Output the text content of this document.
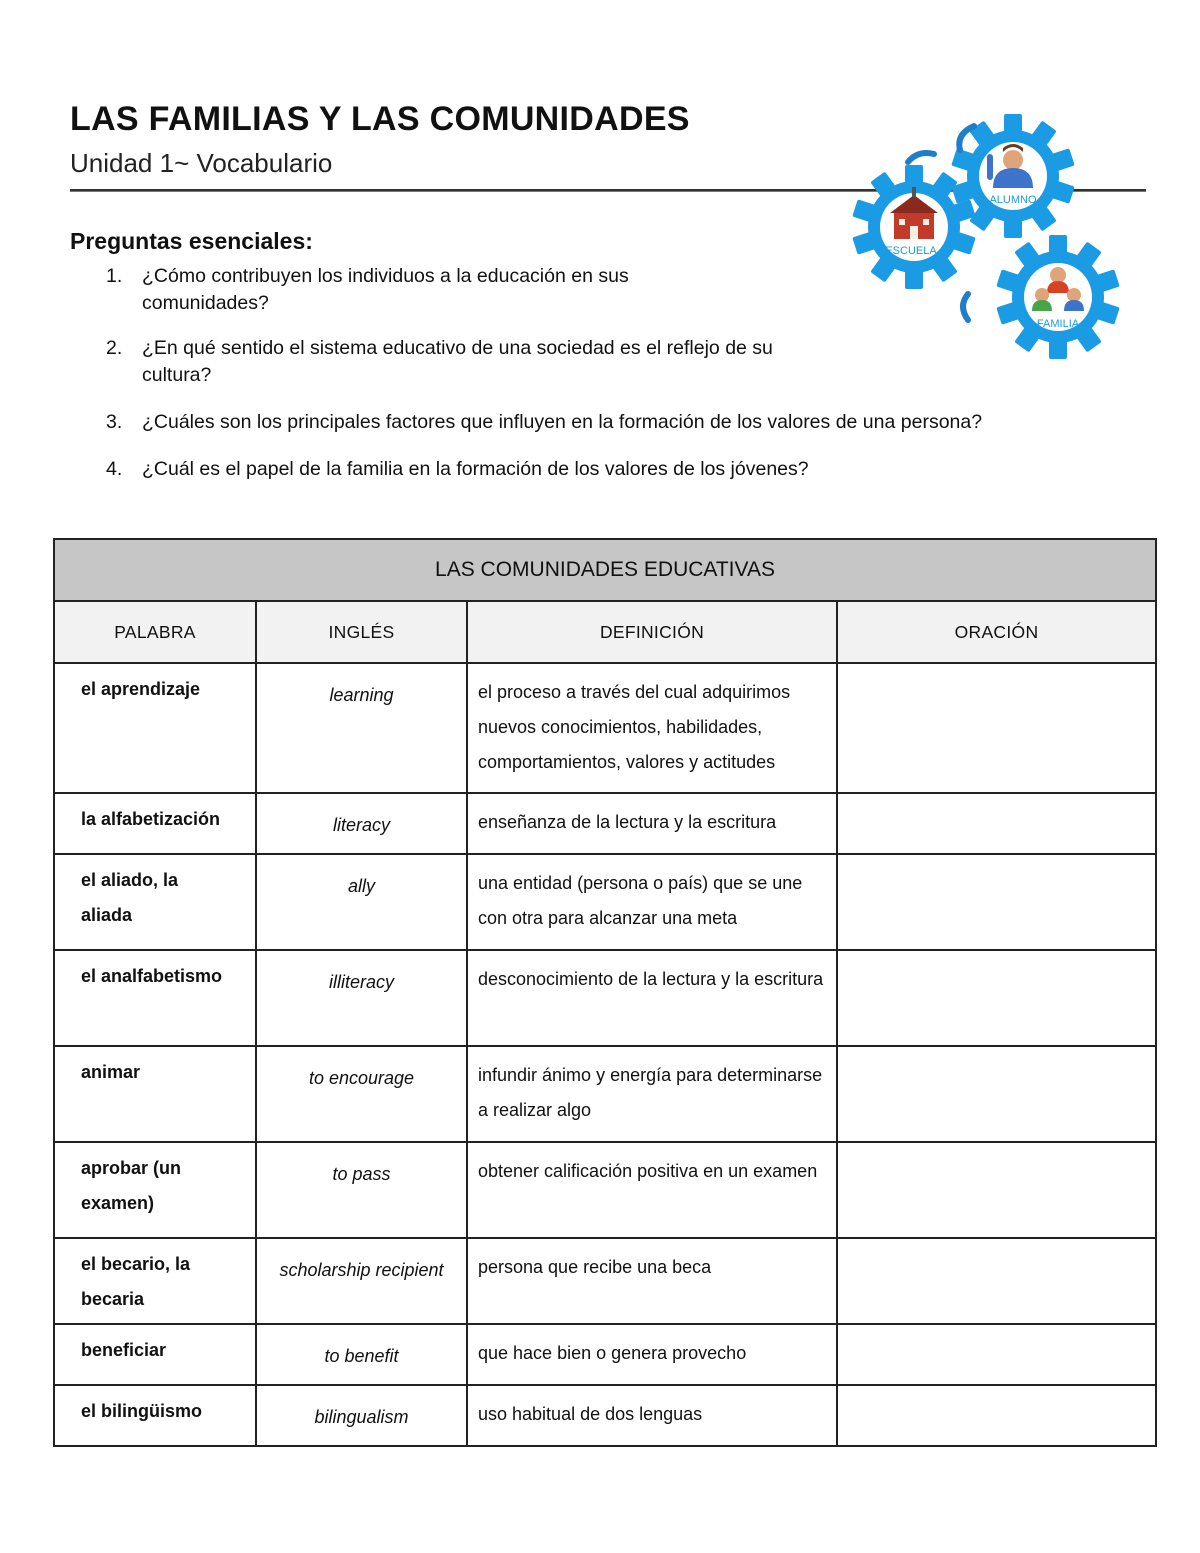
LAS FAMILIAS Y LAS COMUNIDADES
Unidad 1~ Vocabulario
ESCUELA
ALUMNO
FAMILIA

Preguntas esenciales:

1. ¿Cómo contribuyen los individuos a la educación en sus comunidades?
2. ¿En qué sentido el sistema educativo de una sociedad es el reflejo de su cultura?
3. ¿Cuáles son los principales factores que influyen en la formación de los valores de una persona?
4. ¿Cuál es el papel de la familia en la formación de los valores de los jóvenes?
LAS COMUNIDADES EDUCATIVAS			
PALABRA	INGLÉS	DEFINICIÓN	ORACIÓN
el aprendizaje	learning	el proceso a través del cual adquirimos nuevos conocimientos, habilidades, comportamientos, valores y actitudes	
la alfabetización	literacy	enseñanza de la lectura y la escritura	

el aliado, la aliada	ally	una entidad (persona o país) que se une con otra para alcanzar una meta	
el analfabetismo	illiteracy	desconocimiento de la lectura y la escritura	
animar	to encourage	infundir ánimo y energía para determinarse a realizar algo	

aprobar (un examen)	to pass	obtener calificación positiva en un examen	

el becario, la becaria	scholarship recipient	persona que recibe una beca	
beneficiar	to benefit	que hace bien o genera provecho	
el bilingüismo	bilingualism	uso habitual de dos lenguas	
